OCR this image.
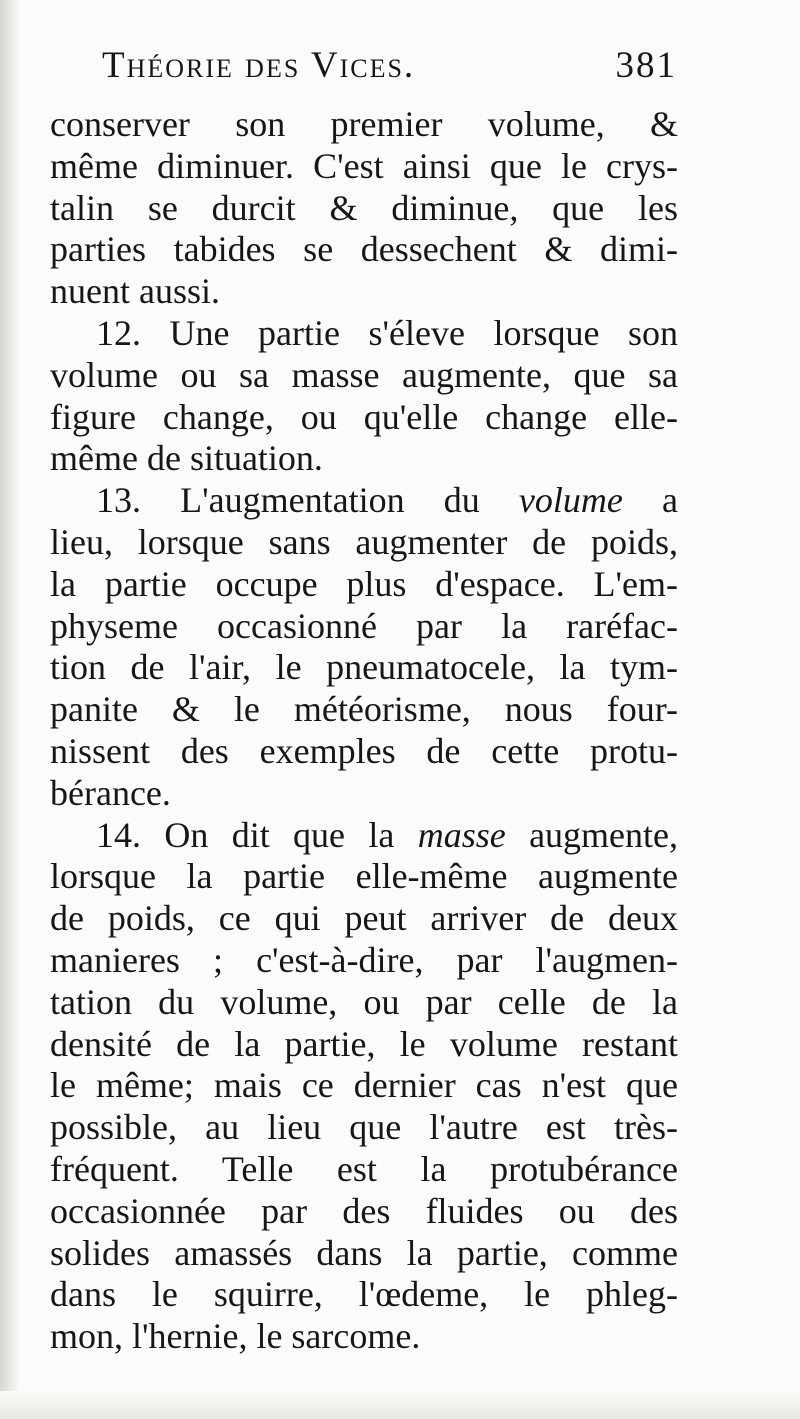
Théorie des Vices.	381
conserver son premier volume, &
même diminuer. C'est ainsi que le crys-
talin se durcit & diminue, que les
parties tabides se dessechent & dimi-
nuent aussi.
12. Une partie s'éleve lorsque son
volume ou sa masse augmente, que sa
figure change, ou qu'elle change elle-
même de situation.
13. L'augmentation du volume a
lieu, lorsque sans augmenter de poids,
la partie occupe plus d'espace. L'em-
physeme occasionné par la raréfac-
tion de l'air, le pneumatocele, la tym-
panite & le météorisme, nous four-
nissent des exemples de cette protu-
bérance.
14. On dit que la masse augmente,
lorsque la partie elle-même augmente
de poids, ce qui peut arriver de deux
manieres ; c'est-à-dire, par l'augmen-
tation du volume, ou par celle de la
densité de la partie, le volume restant
le même; mais ce dernier cas n'est que
possible, au lieu que l'autre est très-
fréquent. Telle est la protubérance
occasionnée par des fluides ou des
solides amassés dans la partie, comme
dans le squirre, l'œdeme, le phleg-
mon, l'hernie, le sarcome.
